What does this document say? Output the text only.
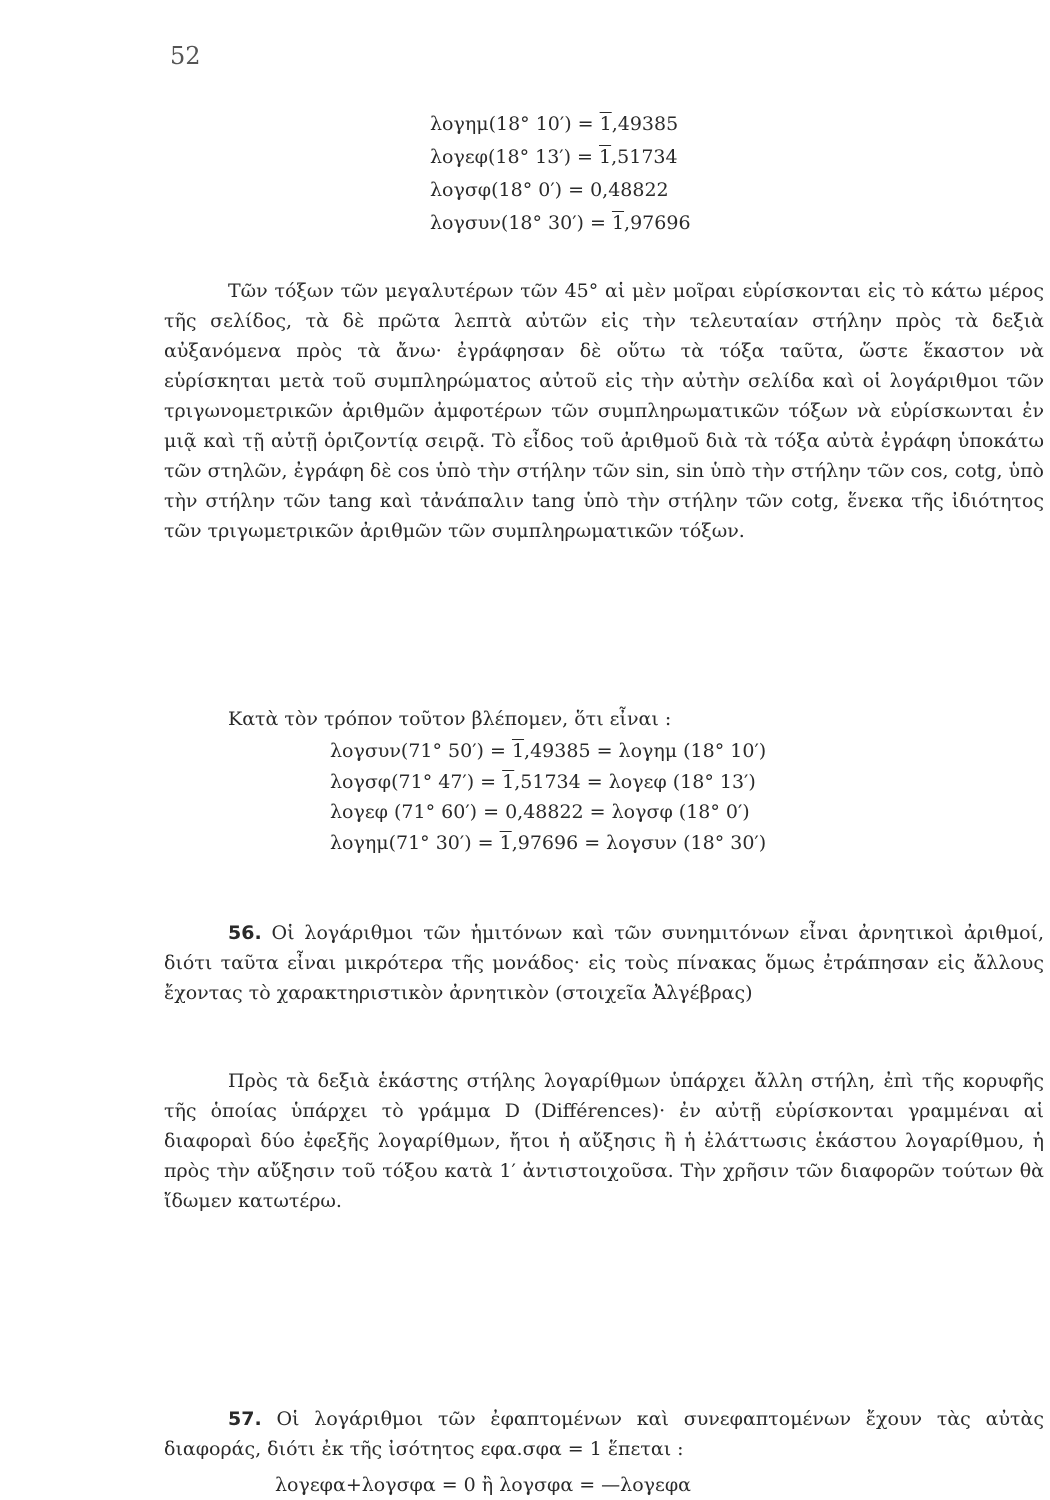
52
λογημ(18° 10′) = 1,49385
λογεφ(18° 13′) = 1,51734
λογσφ(18° 0′) = 0,48822
λογσυν(18° 30′) = 1,97696

Τῶν τόξων τῶν μεγαλυτέρων τῶν 45° αἱ μὲν μοῖραι εὑρίσκονται εἰς τὸ κάτω μέρος τῆς σελίδος, τὰ δὲ πρῶτα λεπτὰ αὐτῶν εἰς τὴν τελευταίαν στήλην πρὸς τὰ δεξιὰ αὐξανόμενα πρὸς τὰ ἄνω· ἐγράφησαν δὲ οὕτω τὰ τόξα ταῦτα, ὥστε ἕκαστον νὰ εὑρίσκηται μετὰ τοῦ συμπληρώματος αὐτοῦ εἰς τὴν αὐτὴν σελίδα καὶ οἱ λογάριθμοι τῶν τριγωνομετρικῶν ἀριθμῶν ἀμφοτέρων τῶν συμπληρωματικῶν τόξων νὰ εὑρίσκωνται ἐν μιᾷ καὶ τῇ αὐτῇ ὁριζοντίᾳ σειρᾷ. Τὸ εἶδος τοῦ ἀριθμοῦ διὰ τὰ τόξα αὐτὰ ἐγράφη ὑποκάτω τῶν στηλῶν, ἐγράφη δὲ cos ὑπὸ τὴν στήλην τῶν sin, sin ὑπὸ τὴν στήλην τῶν cos, cotg, ὑπὸ τὴν στήλην τῶν tang καὶ τἀνάπαλιν tang ὑπὸ τὴν στήλην τῶν cotg, ἕνεκα τῆς ἰδιότητος τῶν τριγωμετρικῶν ἀριθμῶν τῶν συμπληρωματικῶν τόξων.

Κατὰ τὸν τρόπον τοῦτον βλέπομεν, ὅτι εἶναι :

λογσυν(71° 50′) = 1,49385 = λογημ (18° 10′)
λογσφ(71° 47′) = 1,51734 = λογεφ (18° 13′)
λογεφ (71° 60′) = 0,48822 = λογσφ (18° 0′)
λογημ(71° 30′) = 1,97696 = λογσυν (18° 30′)

56. Οἱ λογάριθμοι τῶν ἡμιτόνων καὶ τῶν συνημιτόνων εἶναι ἀρνητικοὶ ἀριθμοί, διότι ταῦτα εἶναι μικρότερα τῆς μονάδος· εἰς τοὺς πίνακας ὅμως ἐτράπησαν εἰς ἄλλους ἔχοντας τὸ χαρακτηριστικὸν ἀρνητικὸν (στοιχεῖα Ἀλγέβρας)

Πρὸς τὰ δεξιὰ ἑκάστης στήλης λογαρίθμων ὑπάρχει ἄλλη στήλη, ἐπὶ τῆς κορυφῆς τῆς ὁποίας ὑπάρχει τὸ γράμμα D (Différences)· ἐν αὐτῇ εὑρίσκονται γραμμέναι αἱ διαφοραὶ δύο ἐφεξῆς λογαρίθμων, ἤτοι ἡ αὔξησις ἢ ἡ ἐλάττωσις ἑκάστου λογαρίθμου, ἡ πρὸς τὴν αὔξησιν τοῦ τόξου κατὰ 1′ ἀντιστοιχοῦσα. Τὴν χρῆσιν τῶν διαφορῶν τούτων θὰ ἴδωμεν κατωτέρω.

57. Οἱ λογάριθμοι τῶν ἐφαπτομένων καὶ συνεφαπτομένων ἔχουν τὰς αὐτὰς διαφοράς, διότι ἐκ τῆς ἰσότητος εφα.σφα = 1 ἕπεται :

λογεφα+λογσφα = 0 ἢ λογσφα = —λογεφα
